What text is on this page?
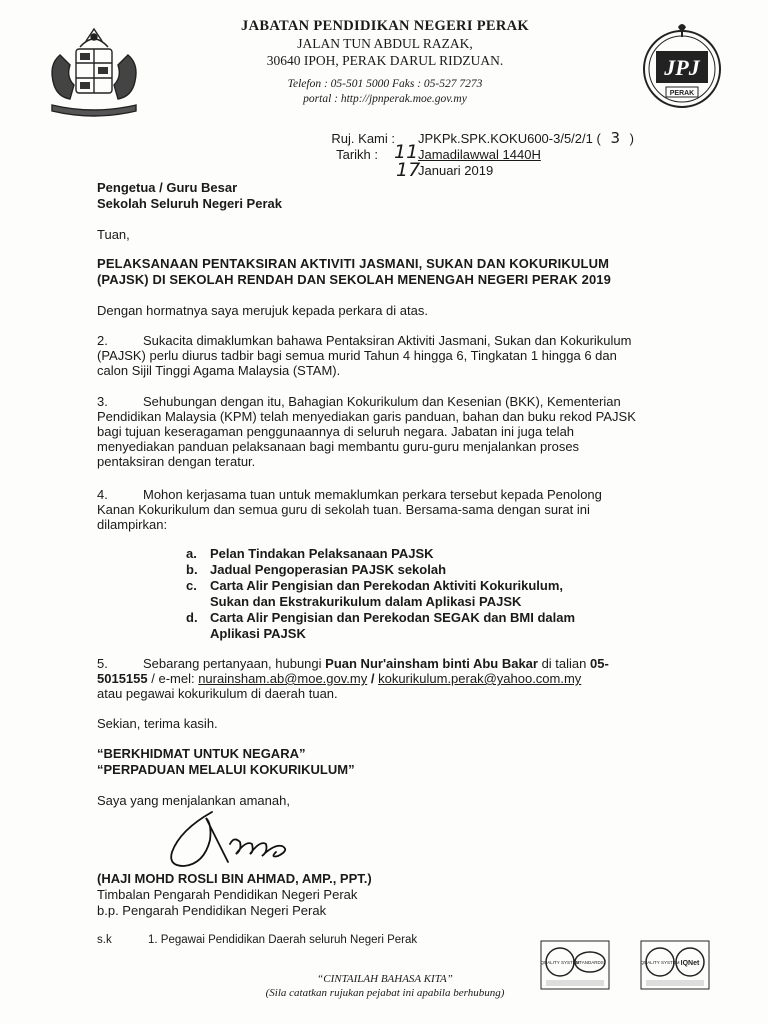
JABATAN PENDIDIKAN NEGERI PERAK
JALAN TUN ABDUL RAZAK,
30640 IPOH, PERAK DARUL RIDZUAN.
Telefon : 05-501 5000 Faks : 05-527 7273
portal : http://jpnperak.moe.gov.my
JPJ
PERAK
Ruj. Kami : JPKPk.SPK.KOKU600-3/5/2/1 ( 3 )
Tarikh : 11 Jamadilawwal 1440H
17
Januari 2019
Pengetua / Guru Besar
Sekolah Seluruh Negeri Perak
Tuan,
PELAKSANAAN PENTAKSIRAN AKTIVITI JASMANI, SUKAN DAN KOKURIKULUM
(PAJSK) DI SEKOLAH RENDAH DAN SEKOLAH MENENGAH NEGERI PERAK 2019
Dengan hormatnya saya merujuk kepada perkara di atas.
2.	Sukacita dimaklumkan bahawa Pentaksiran Aktiviti Jasmani, Sukan dan Kokurikulum
(PAJSK) perlu diurus tadbir bagi semua murid Tahun 4 hingga 6, Tingkatan 1 hingga 6 dan
calon Sijil Tinggi Agama Malaysia (STAM).
3.	Sehubungan dengan itu, Bahagian Kokurikulum dan Kesenian (BKK), Kementerian
Pendidikan Malaysia (KPM) telah menyediakan garis panduan, bahan dan buku rekod PAJSK
bagi tujuan keseragaman penggunaannya di seluruh negara. Jabatan ini juga telah
menyediakan panduan pelaksanaan bagi membantu guru-guru menjalankan proses
pentaksiran dengan teratur.
4.	Mohon kerjasama tuan untuk memaklumkan perkara tersebut kepada Penolong
Kanan Kokurikulum dan semua guru di sekolah tuan. Bersama-sama dengan surat ini
dilampirkan:
a. Pelan Tindakan Pelaksanaan PAJSK
b. Jadual Pengoperasian PAJSK sekolah
c. Carta Alir Pengisian dan Perekodan Aktiviti Kokurikulum,
Sukan dan Ekstrakurikulum dalam Aplikasi PAJSK
d. Carta Alir Pengisian dan Perekodan SEGAK dan BMI dalam
Aplikasi PAJSK
5.	Sebarang pertanyaan, hubungi Puan Nur'ainsham binti Abu Bakar di talian 05-
5015155 / e-mel: nurainsham.ab@moe.gov.my / kokurikulum.perak@yahoo.com.my
atau pegawai kokurikulum di daerah tuan.
Sekian, terima kasih.
“BERKHIDMAT UNTUK NEGARA”
“PERPADUAN MELALUI KOKURIKULUM”
Saya yang menjalankan amanah,
(HAJI MOHD ROSLI BIN AHMAD, AMP., PPT.)
Timbalan Pengarah Pendidikan Negeri Perak
b.p. Pengarah Pendidikan Negeri Perak
s.k	1. Pegawai Pendidikan Daerah seluruh Negeri Perak
“CINTAILAH BAHASA KITA”
(Sila catatkan rujukan pejabat ini apabila berhubung)
QUALITY SYSTEM
STANDARDS	QUALITY SYSTEM IQNet
